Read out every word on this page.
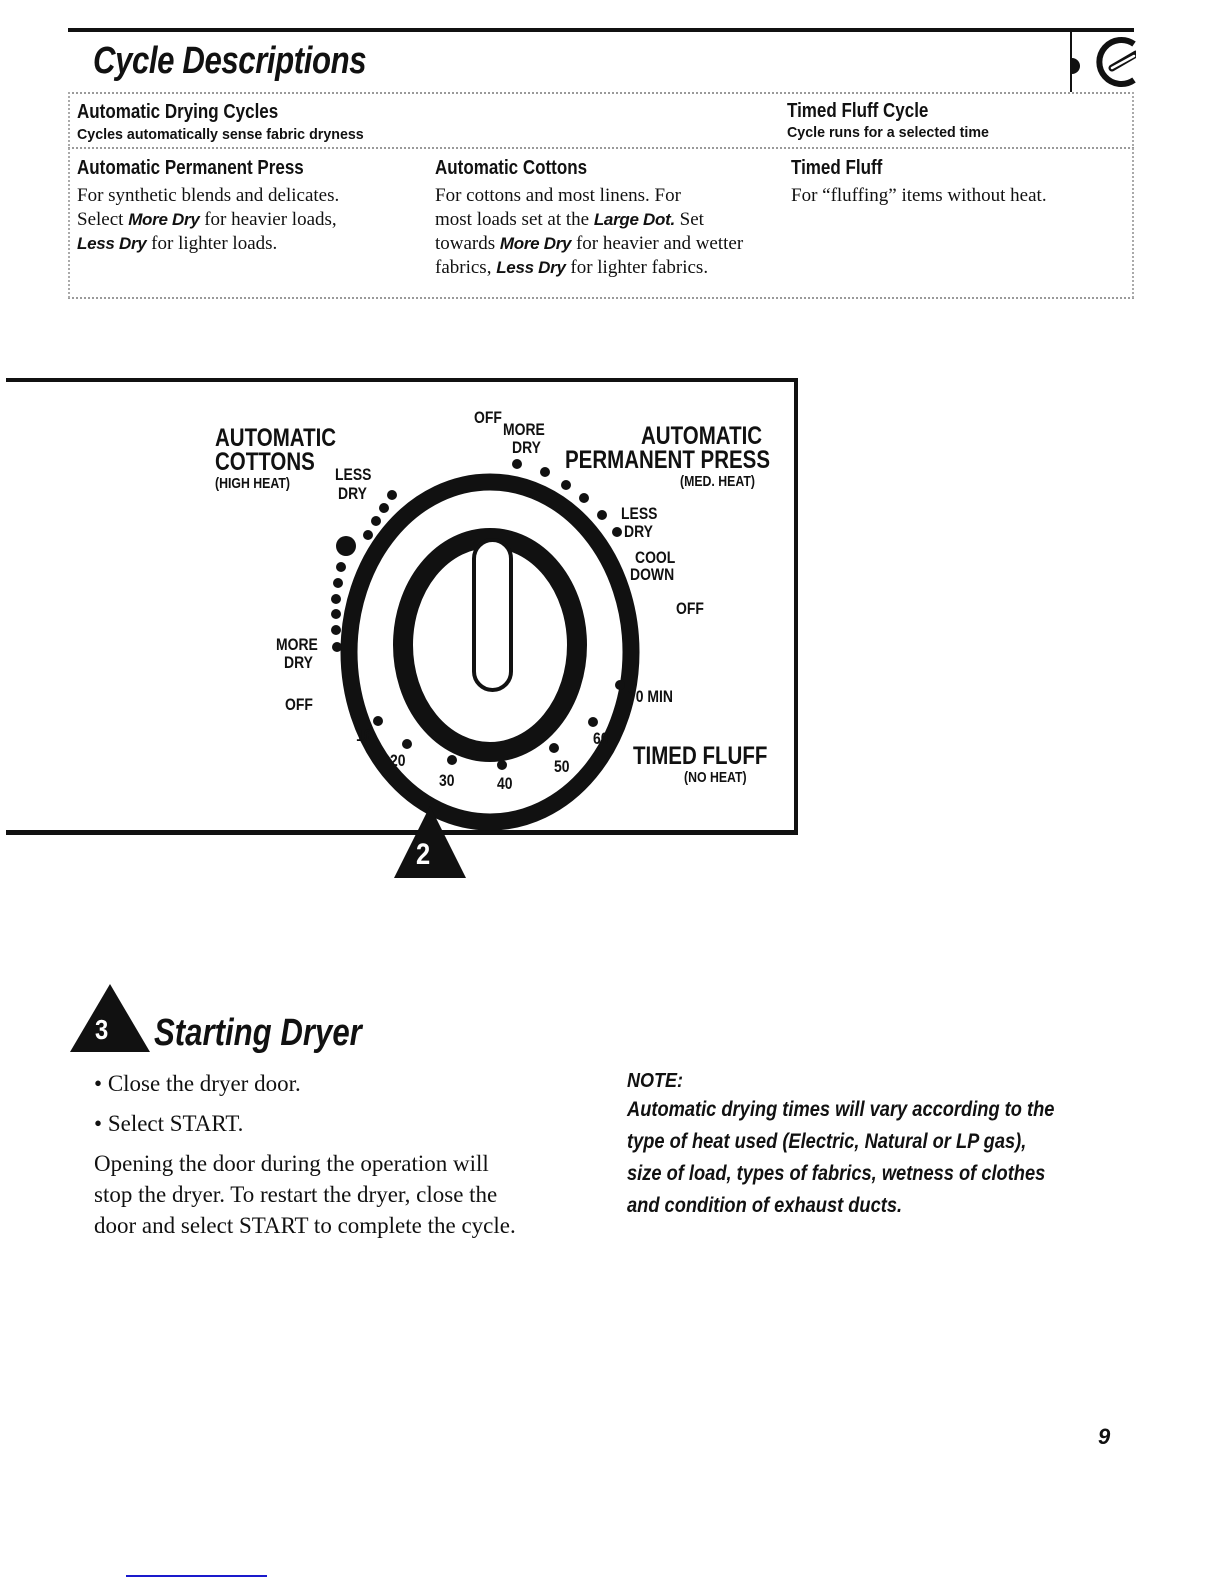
Cycle Descriptions
Automatic Drying Cycles
Cycles automatically sense fabric dryness
Timed Fluff Cycle
Cycle runs for a selected time
Automatic Permanent Press
For synthetic blends and delicates.
Select More Dry for heavier loads,
Less Dry for lighter loads.
Automatic Cottons
For cottons and most linens. For
most loads set at the Large Dot. Set
towards More Dry for heavier and wetter
fabrics, Less Dry for lighter fabrics.
Timed Fluff
For “fluffing” items without heat.
AUTOMATIC
COTTONS
(HIGH HEAT)	LESS
DRY
MORE
DRY
OFF
OFF
MORE
DRY	AUTOMATIC
PERMANENT PRESS
(MED. HEAT)
LESS
DRY
COOL
DOWN
OFF
70 MIN
10
20
30 40
50
60
TIMED FLUFF
(NO HEAT)
2
3 Starting Dryer
• Close the dryer door.
• Select START.
Opening the door during the operation will
stop the dryer. To restart the dryer, close the
door and select START to complete the cycle.
NOTE:
Automatic drying times will vary according to the
type of heat used (Electric, Natural or LP gas),
size of load, types of fabrics, wetness of clothes
and condition of exhaust ducts.
9
